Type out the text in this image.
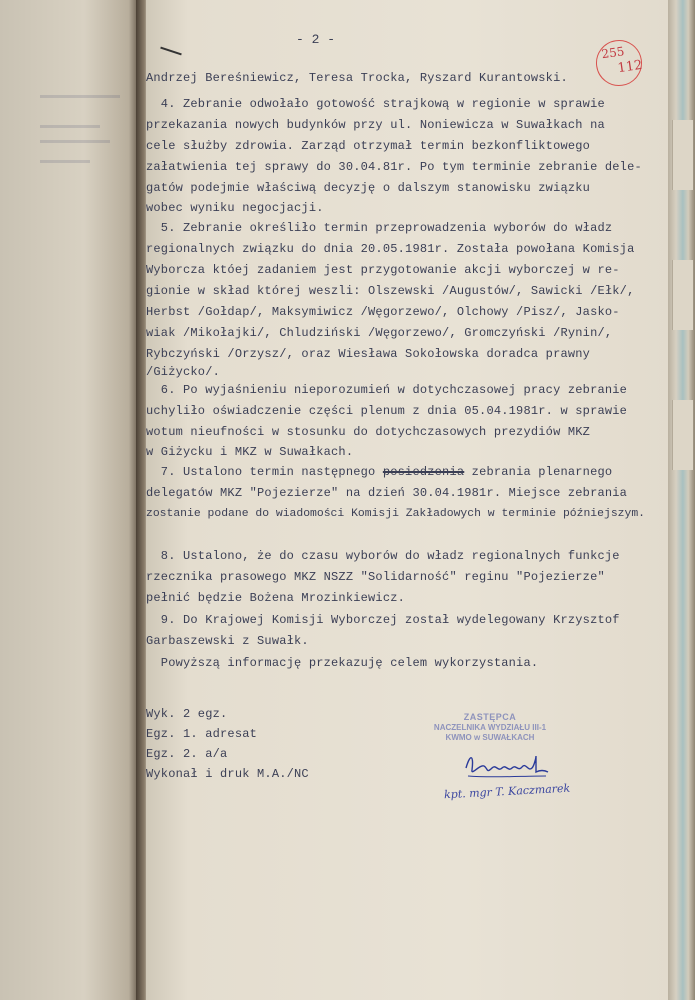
- 2 -
255
112
Andrzej Bereśniewicz, Teresa Trocka, Ryszard Kurantowski.
4. Zebranie odwołało gotowość strajkową w regionie w sprawie
przekazania nowych budynków przy ul. Noniewicza w Suwałkach na
cele służby zdrowia. Zarząd otrzymał termin bezkonfliktowego
załatwienia tej sprawy do 30.04.81r. Po tym terminie zebranie dele-
gatów podejmie właściwą decyzję o dalszym stanowisku związku
wobec wyniku negocjacji.
5. Zebranie określiło termin przeprowadzenia wyborów do władz
regionalnych związku do dnia 20.05.1981r. Została powołana Komisja
Wyborcza któej zadaniem jest przygotowanie akcji wyborczej w re-
gionie w skład której weszli: Olszewski /Augustów/, Sawicki /Ełk/,
Herbst /Gołdap/, Maksymiwicz /Węgorzewo/, Olchowy /Pisz/, Jasko-
wiak /Mikołajki/, Chludziński /Węgorzewo/, Gromczyński /Rynin/,
Rybczyński /Orzysz/, oraz Wiesława Sokołowska doradca prawny
/Giżycko/.
6. Po wyjaśnieniu nieporozumień w dotychczasowej pracy zebranie
uchyliło oświadczenie części plenum z dnia 05.04.1981r. w sprawie
wotum nieufności w stosunku do dotychczasowych prezydiów MKZ
w Giżycku i MKZ w Suwałkach.
7. Ustalono termin następnego posiedzenia zebrania plenarnego
delegatów MKZ "Pojezierze" na dzień 30.04.1981r. Miejsce zebrania
zostanie podane do wiadomości Komisji Zakładowych w terminie późniejszym.
8. Ustalono, że do czasu wyborów do władz regionalnych funkcje
rzecznika prasowego MKZ NSZZ "Solidarność" reginu "Pojezierze"
pełnić będzie Bożena Mrozinkiewicz.
9. Do Krajowej Komisji Wyborczej został wydelegowany Krzysztof
Garbaszewski z Suwałk.
Powyższą informację przekazuję celem wykorzystania.
Wyk. 2 egz.
Egz. 1. adresat
Egz. 2. a/a
Wykonał i druk M.A./NC
ZASTĘPCA
NACZELNIKA WYDZIAŁU III-1
KWMO w SUWAŁKACH
kpt. mgr T. Kaczmarek
